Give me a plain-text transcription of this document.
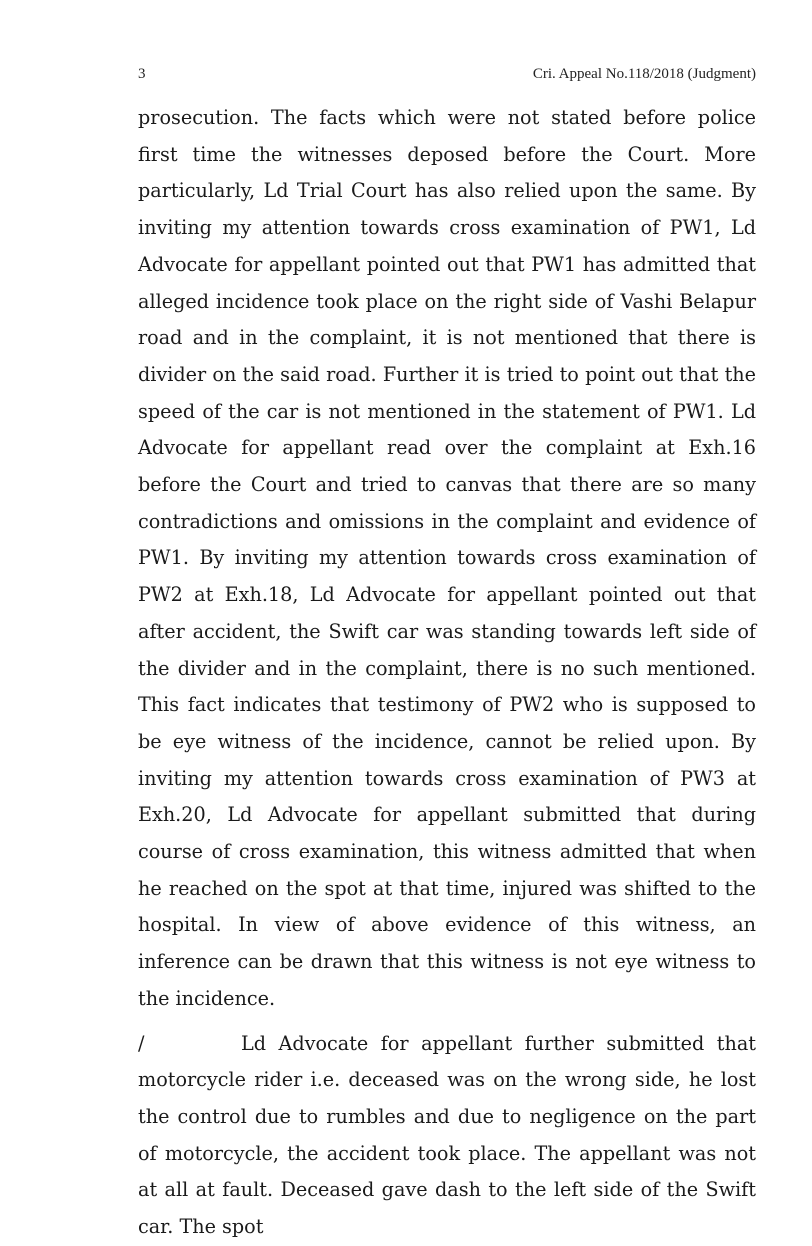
3	Cri. Appeal No.118/2018 (Judgment)

prosecution. The facts which were not stated before police first time the witnesses deposed before the Court. More particularly, Ld Trial Court has also relied upon the same. By inviting my attention towards cross examination of PW1, Ld Advocate for appellant pointed out that PW1 has admitted that alleged incidence took place on the right side of Vashi Belapur road and in the complaint, it is not mentioned that there is divider on the said road. Further it is tried to point out that the speed of the car is not mentioned in the statement of PW1. Ld Advocate for appellant read over the complaint at Exh.16 before the Court and tried to canvas that there are so many contradictions and omissions in the complaint and evidence of PW1. By inviting my attention towards cross examination of PW2 at Exh.18, Ld Advocate for appellant pointed out that after accident, the Swift car was standing towards left side of the divider and in the complaint, there is no such mentioned. This fact indicates that testimony of PW2 who is supposed to be eye witness of the incidence, cannot be relied upon. By inviting my attention towards cross examination of PW3 at Exh.20, Ld Advocate for appellant submitted that during course of cross examination, this witness admitted that when he reached on the spot at that time, injured was shifted to the hospital. In view of above evidence of this witness, an inference can be drawn that this witness is not eye witness to the incidence.

/	Ld Advocate for appellant further submitted that motorcycle rider i.e. deceased was on the wrong side, he lost the control due to rumbles and due to negligence on the part of motorcycle, the accident took place. The appellant was not at all at fault. Deceased gave dash to the left side of the Swift car. The spot
